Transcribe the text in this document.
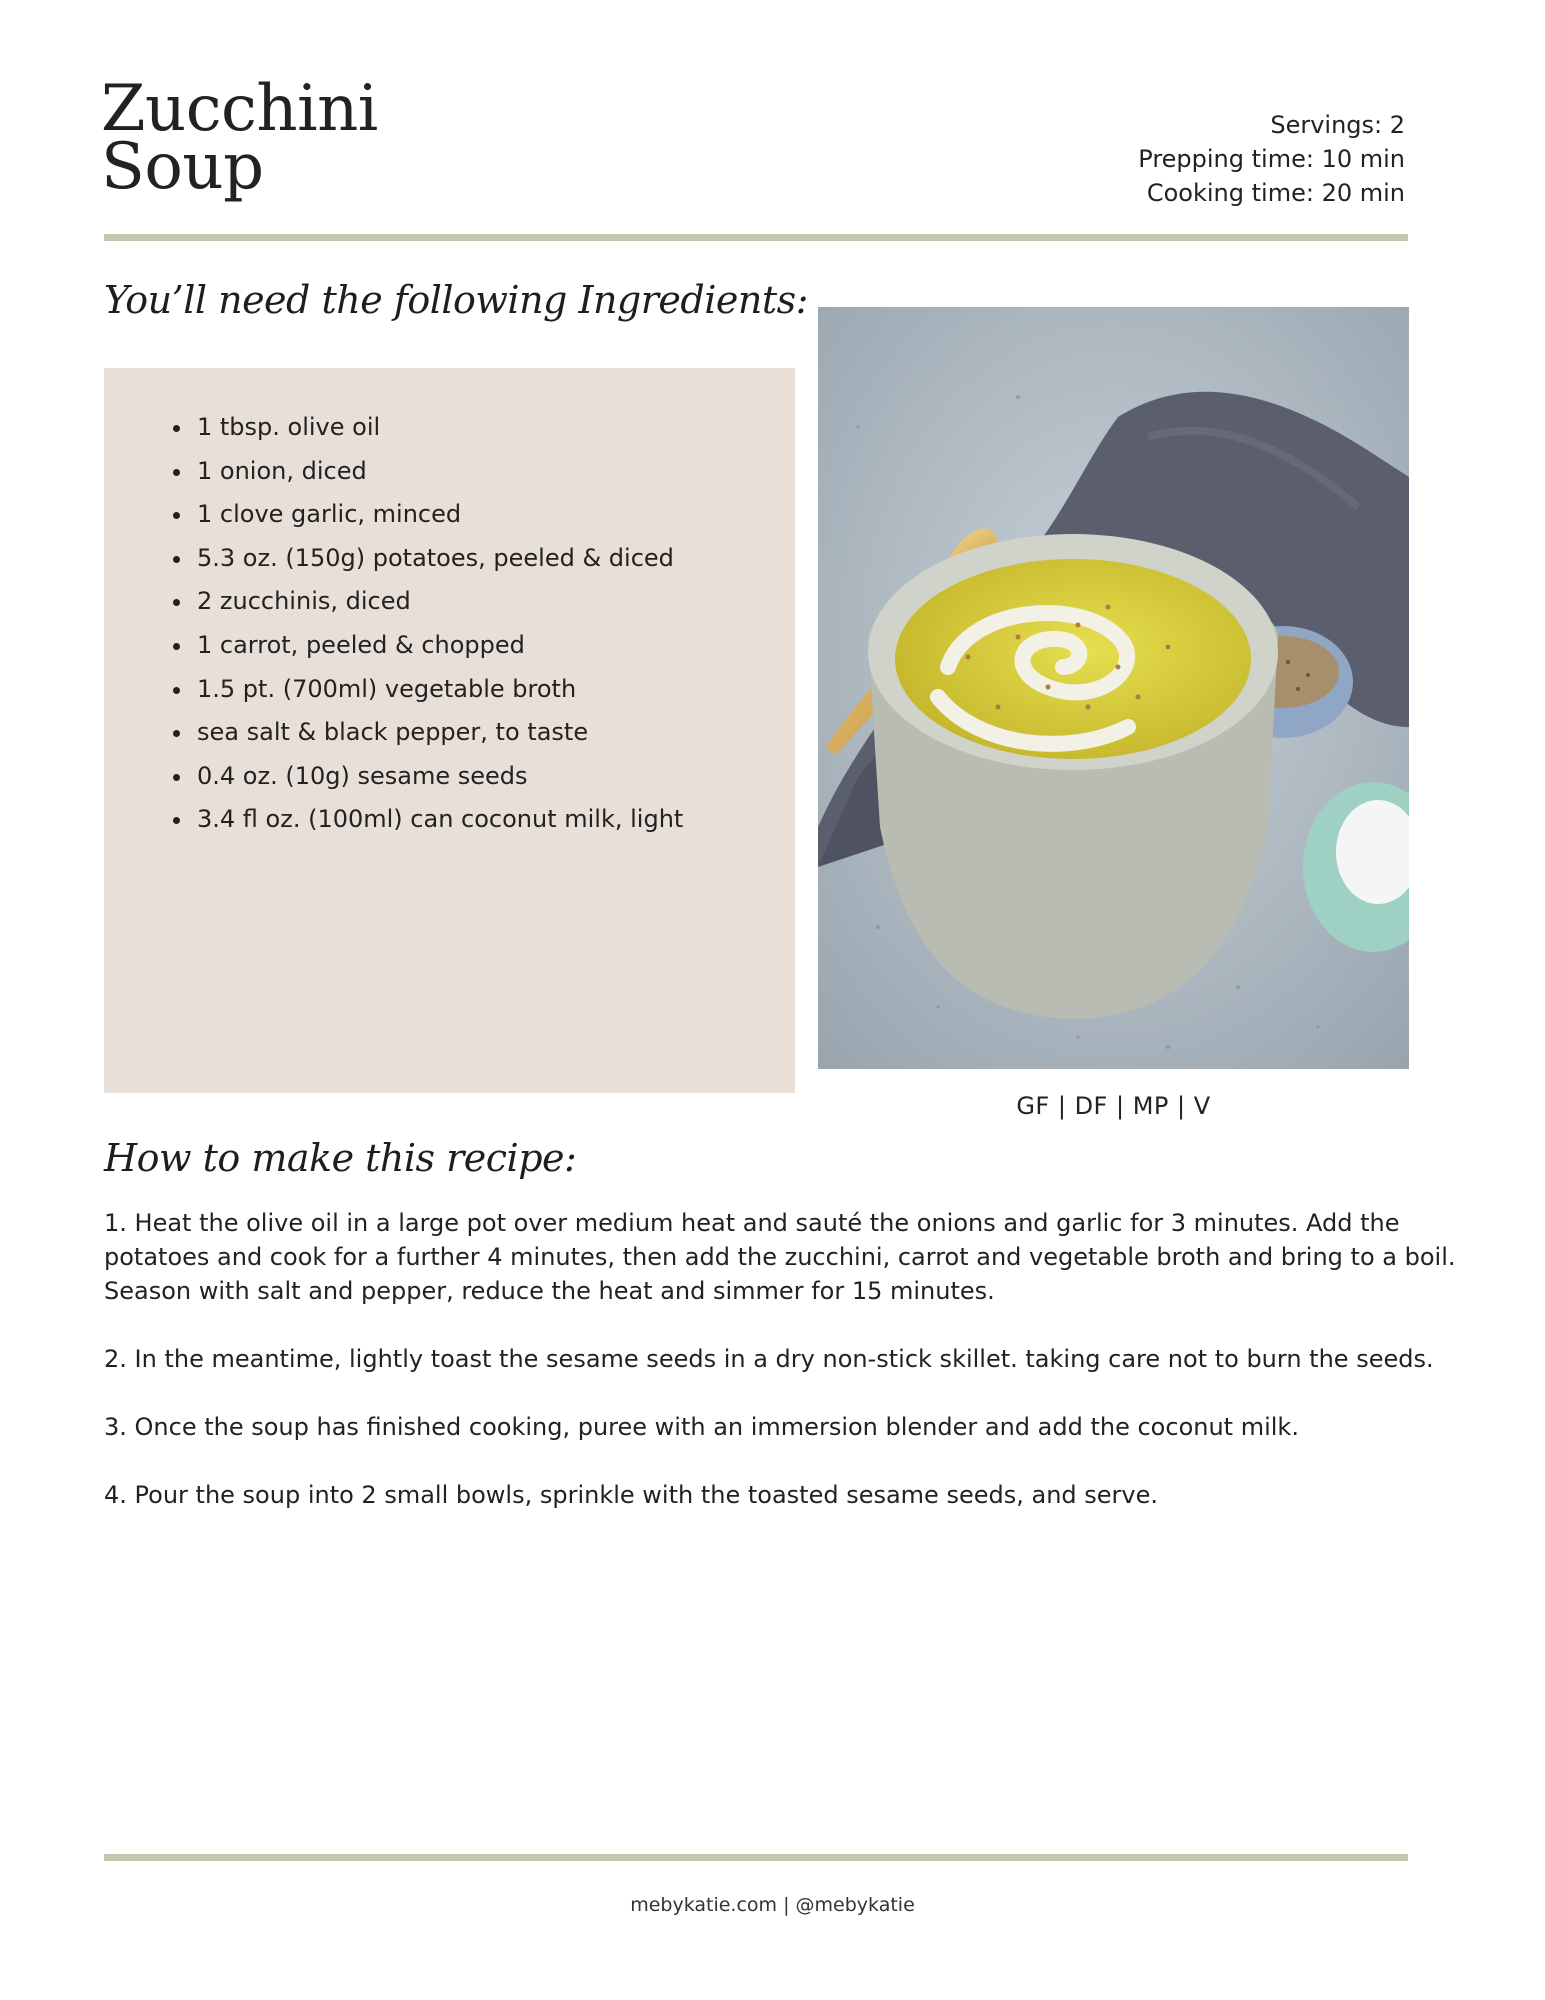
Zucchini
Soup
Servings: 2
Prepping time: 10 min
Cooking time: 20 min
You’ll need the following Ingredients:
1 tbsp. olive oil
1 onion, diced
1 clove garlic, minced
5.3 oz. (150g) potatoes, peeled & diced
2 zucchinis, diced
1 carrot, peeled & chopped
1.5 pt. (700ml) vegetable broth
sea salt & black pepper, to taste
0.4 oz. (10g) sesame seeds
3.4 fl oz. (100ml) can coconut milk, light
GF | DF | MP | V
How to make this recipe:

1. Heat the olive oil in a large pot over medium heat and sauté the onions and garlic for 3 minutes. Add the potatoes and cook for a further 4 minutes, then add the zucchini, carrot and vegetable broth and bring to a boil. Season with salt and pepper, reduce the heat and simmer for 15 minutes.

2. In the meantime, lightly toast the sesame seeds in a dry non-stick skillet. taking care not to burn the seeds.

3. Once the soup has finished cooking, puree with an immersion blender and add the coconut milk.

4. Pour the soup into 2 small bowls, sprinkle with the toasted sesame seeds, and serve.

mebykatie.com | @mebykatie
